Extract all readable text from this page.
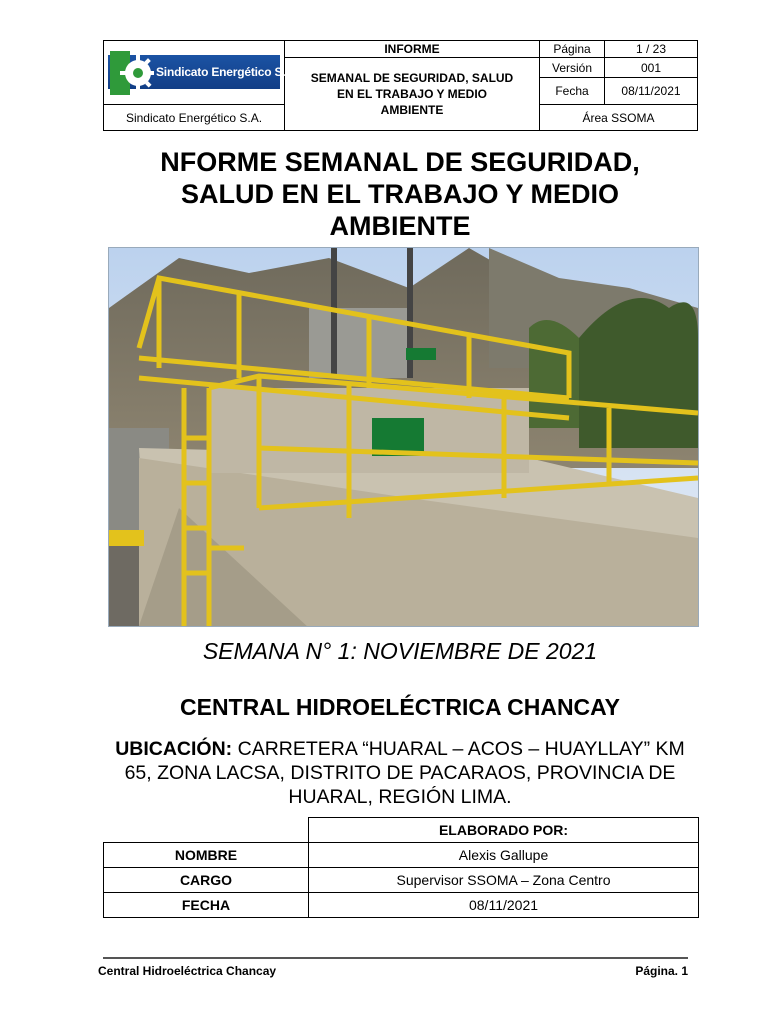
Sindicato Energético S.A.	INFORME	Página	1 / 23
	SEMANAL DE SEGURIDAD, SALUD EN EL TRABAJO Y MEDIO AMBIENTE	Versión	001
		Fecha	08/11/2021
Sindicato Energético S.A.		Área SSOMA	
NFORME SEMANAL DE SEGURIDAD, SALUD EN EL TRABAJO Y MEDIO AMBIENTE
SEMANA N° 1: NOVIEMBRE DE 2021
CENTRAL HIDROELÉCTRICA CHANCAY
UBICACIÓN: CARRETERA “HUARAL – ACOS – HUAYLLAY” KM 65, ZONA LACSA, DISTRITO DE PACARAOS, PROVINCIA DE HUARAL, REGIÓN LIMA.
	ELABORADO POR:
NOMBRE	Alexis Gallupe
CARGO	Supervisor SSOMA – Zona Centro
FECHA	08/11/2021
Central Hidroeléctrica Chancay	Página. 1
